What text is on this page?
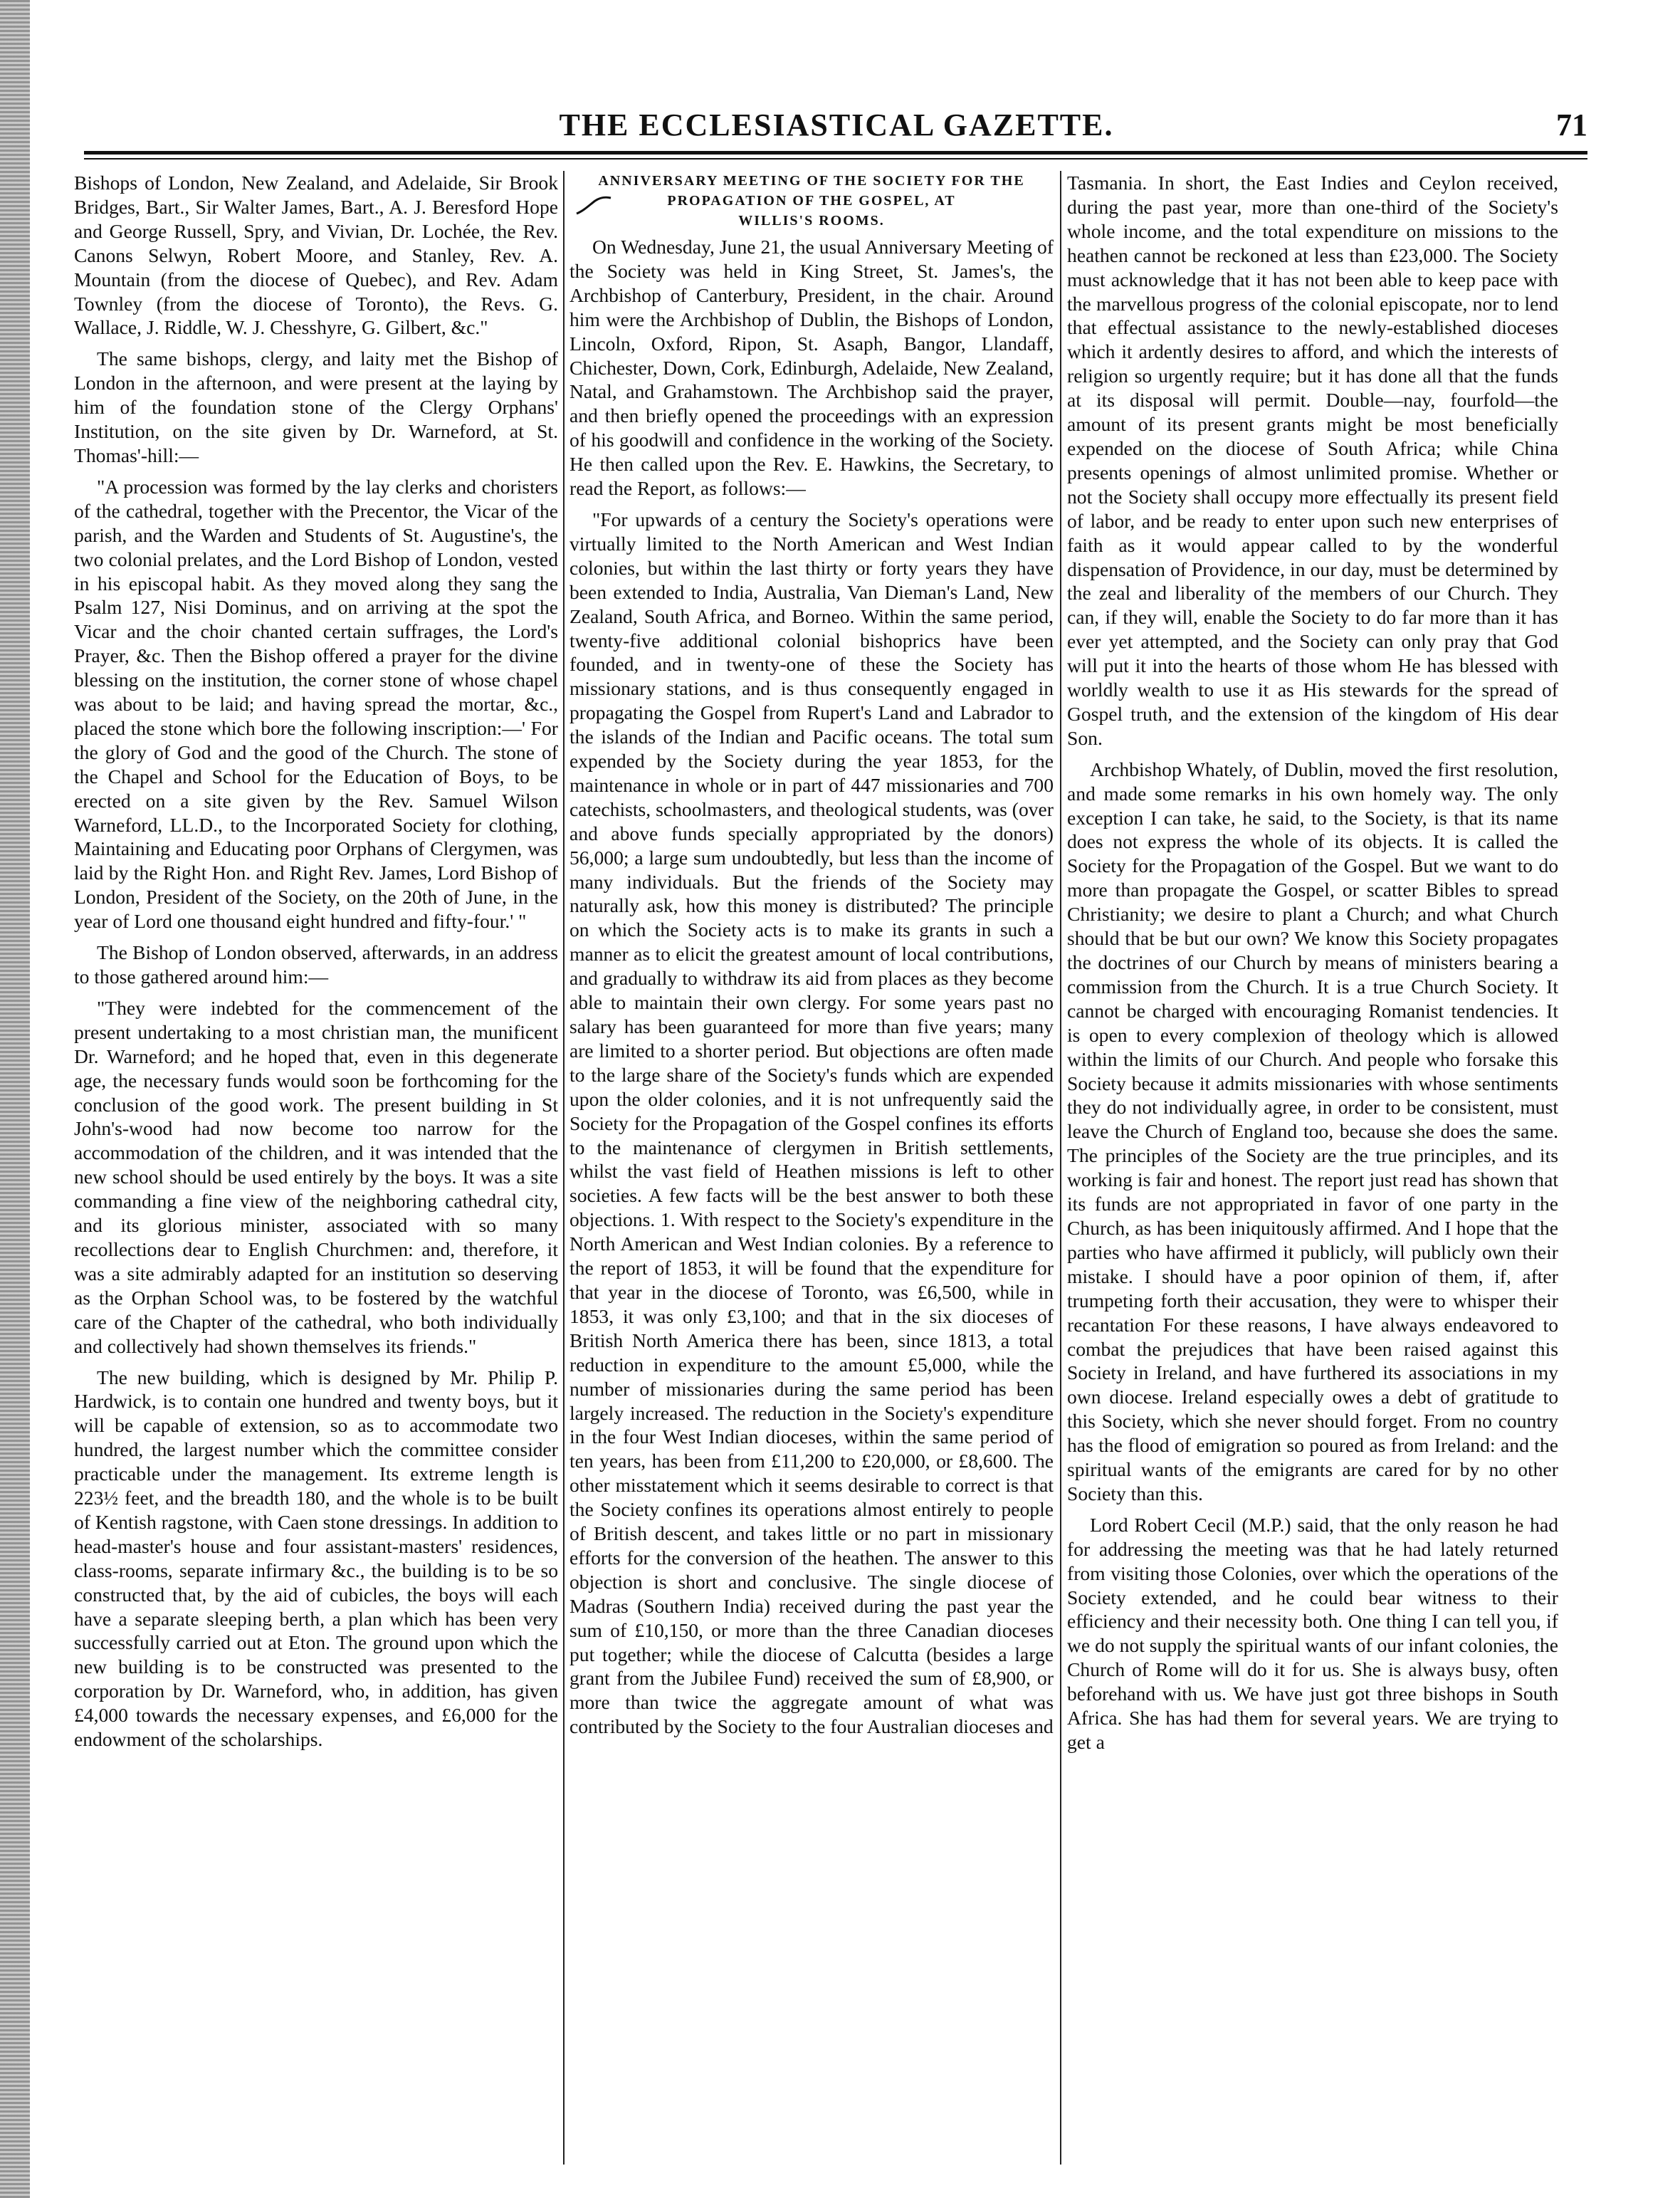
THE ECCLESIASTICAL GAZETTE.	71

Bishops of London, New Zealand, and Adelaide, Sir Brook Bridges, Bart., Sir Walter James, Bart., A. J. Beresford Hope and George Russell, Spry, and Vivian, Dr. Lochée, the Rev. Canons Selwyn, Robert Moore, and Stanley, Rev. A. Mountain (from the diocese of Quebec), and Rev. Adam Townley (from the diocese of Toronto), the Revs. G. Wallace, J. Riddle, W. J. Chesshyre, G. Gilbert, &c."

The same bishops, clergy, and laity met the Bishop of London in the afternoon, and were present at the laying by him of the foundation stone of the Clergy Orphans' Institution, on the site given by Dr. Warneford, at St. Thomas'-hill:—

"A procession was formed by the lay clerks and choristers of the cathedral, together with the Precentor, the Vicar of the parish, and the Warden and Students of St. Augustine's, the two colonial prelates, and the Lord Bishop of London, vested in his episcopal habit. As they moved along they sang the Psalm 127, Nisi Dominus, and on arriving at the spot the Vicar and the choir chanted certain suffrages, the Lord's Prayer, &c. Then the Bishop offered a prayer for the divine blessing on the institution, the corner stone of whose chapel was about to be laid; and having spread the mortar, &c., placed the stone which bore the following inscription:—' For the glory of God and the good of the Church. The stone of the Chapel and School for the Education of Boys, to be erected on a site given by the Rev. Samuel Wilson Warneford, LL.D., to the Incorporated Society for clothing, Maintaining and Educating poor Orphans of Clergymen, was laid by the Right Hon. and Right Rev. James, Lord Bishop of London, President of the Society, on the 20th of June, in the year of Lord one thousand eight hundred and fifty-four.' "

The Bishop of London observed, afterwards, in an address to those gathered around him:—

"They were indebted for the commencement of the present undertaking to a most christian man, the munificent Dr. Warneford; and he hoped that, even in this degenerate age, the necessary funds would soon be forthcoming for the conclusion of the good work. The present building in St John's-wood had now become too narrow for the accommodation of the children, and it was intended that the new school should be used entirely by the boys. It was a site commanding a fine view of the neighboring cathedral city, and its glorious minister, associated with so many recollections dear to English Churchmen: and, therefore, it was a site admirably adapted for an institution so deserving as the Orphan School was, to be fostered by the watchful care of the Chapter of the cathedral, who both individually and collectively had shown themselves its friends."

The new building, which is designed by Mr. Philip P. Hardwick, is to contain one hundred and twenty boys, but it will be capable of extension, so as to accommodate two hundred, the largest number which the committee consider practicable under the management. Its extreme length is 223½ feet, and the breadth 180, and the whole is to be built of Kentish ragstone, with Caen stone dressings. In addition to head-master's house and four assistant-masters' residences, class-rooms, separate infirmary &c., the building is to be so constructed that, by the aid of cubicles, the boys will each have a separate sleeping berth, a plan which has been very successfully carried out at Eton. The ground upon which the new building is to be constructed was presented to the corporation by Dr. Warneford, who, in addition, has given £4,000 towards the necessary expenses, and £6,000 for the endowment of the scholarships.

ANNIVERSARY MEETING OF THE SOCIETY FOR THE
PROPAGATION OF THE GOSPEL, AT
WILLIS'S ROOMS.

On Wednesday, June 21, the usual Anniversary Meeting of the Society was held in King Street, St. James's, the Archbishop of Canterbury, President, in the chair. Around him were the Archbishop of Dublin, the Bishops of London, Lincoln, Oxford, Ripon, St. Asaph, Bangor, Llandaff, Chichester, Down, Cork, Edinburgh, Adelaide, New Zealand, Natal, and Grahamstown. The Archbishop said the prayer, and then briefly opened the proceedings with an expression of his goodwill and confidence in the working of the Society. He then called upon the Rev. E. Hawkins, the Secretary, to read the Report, as follows:—

"For upwards of a century the Society's operations were virtually limited to the North American and West Indian colonies, but within the last thirty or forty years they have been extended to India, Australia, Van Dieman's Land, New Zealand, South Africa, and Borneo. Within the same period, twenty-five additional colonial bishoprics have been founded, and in twenty-one of these the Society has missionary stations, and is thus consequently engaged in propagating the Gospel from Rupert's Land and Labrador to the islands of the Indian and Pacific oceans. The total sum expended by the Society during the year 1853, for the maintenance in whole or in part of 447 missionaries and 700 catechists, schoolmasters, and theological students, was (over and above funds specially appropriated by the donors) 56,000; a large sum undoubtedly, but less than the income of many individuals. But the friends of the Society may naturally ask, how this money is distributed? The principle on which the Society acts is to make its grants in such a manner as to elicit the greatest amount of local contributions, and gradually to withdraw its aid from places as they become able to maintain their own clergy. For some years past no salary has been guaranteed for more than five years; many are limited to a shorter period. But objections are often made to the large share of the Society's funds which are expended upon the older colonies, and it is not unfrequently said the Society for the Propagation of the Gospel confines its efforts to the maintenance of clergymen in British settlements, whilst the vast field of Heathen missions is left to other societies. A few facts will be the best answer to both these objections. 1. With respect to the Society's expenditure in the North American and West Indian colonies. By a reference to the report of 1853, it will be found that the expenditure for that year in the diocese of Toronto, was £6,500, while in 1853, it was only £3,100; and that in the six dioceses of British North America there has been, since 1813, a total reduction in expenditure to the amount £5,000, while the number of missionaries during the same period has been largely increased. The reduction in the Society's expenditure in the four West Indian dioceses, within the same period of ten years, has been from £11,200 to £20,000, or £8,600. The other misstatement which it seems desirable to correct is that the Society confines its operations almost entirely to people of British descent, and takes little or no part in missionary efforts for the conversion of the heathen. The answer to this objection is short and conclusive. The single diocese of Madras (Southern India) received during the past year the sum of £10,150, or more than the three Canadian dioceses put together; while the diocese of Calcutta (besides a large grant from the Jubilee Fund) received the sum of £8,900, or more than twice the aggregate amount of what was contributed by the Society to the four Australian dioceses and

Tasmania. In short, the East Indies and Ceylon received, during the past year, more than one-third of the Society's whole income, and the total expenditure on missions to the heathen cannot be reckoned at less than £23,000. The Society must acknowledge that it has not been able to keep pace with the marvellous progress of the colonial episcopate, nor to lend that effectual assistance to the newly-established dioceses which it ardently desires to afford, and which the interests of religion so urgently require; but it has done all that the funds at its disposal will permit. Double—nay, fourfold—the amount of its present grants might be most beneficially expended on the diocese of South Africa; while China presents openings of almost unlimited promise. Whether or not the Society shall occupy more effectually its present field of labor, and be ready to enter upon such new enterprises of faith as it would appear called to by the wonderful dispensation of Providence, in our day, must be determined by the zeal and liberality of the members of our Church. They can, if they will, enable the Society to do far more than it has ever yet attempted, and the Society can only pray that God will put it into the hearts of those whom He has blessed with worldly wealth to use it as His stewards for the spread of Gospel truth, and the extension of the kingdom of His dear Son.

Archbishop Whately, of Dublin, moved the first resolution, and made some remarks in his own homely way. The only exception I can take, he said, to the Society, is that its name does not express the whole of its objects. It is called the Society for the Propagation of the Gospel. But we want to do more than propagate the Gospel, or scatter Bibles to spread Christianity; we desire to plant a Church; and what Church should that be but our own? We know this Society propagates the doctrines of our Church by means of ministers bearing a commission from the Church. It is a true Church Society. It cannot be charged with encouraging Romanist tendencies. It is open to every complexion of theology which is allowed within the limits of our Church. And people who forsake this Society because it admits missionaries with whose sentiments they do not individually agree, in order to be consistent, must leave the Church of England too, because she does the same. The principles of the Society are the true principles, and its working is fair and honest. The report just read has shown that its funds are not appropriated in favor of one party in the Church, as has been iniquitously affirmed. And I hope that the parties who have affirmed it publicly, will publicly own their mistake. I should have a poor opinion of them, if, after trumpeting forth their accusation, they were to whisper their recantation For these reasons, I have always endeavored to combat the prejudices that have been raised against this Society in Ireland, and have furthered its associations in my own diocese. Ireland especially owes a debt of gratitude to this Society, which she never should forget. From no country has the flood of emigration so poured as from Ireland: and the spiritual wants of the emigrants are cared for by no other Society than this.

Lord Robert Cecil (M.P.) said, that the only reason he had for addressing the meeting was that he had lately returned from visiting those Colonies, over which the operations of the Society extended, and he could bear witness to their efficiency and their necessity both. One thing I can tell you, if we do not supply the spiritual wants of our infant colonies, the Church of Rome will do it for us. She is always busy, often beforehand with us. We have just got three bishops in South Africa. She has had them for several years. We are trying to get a
